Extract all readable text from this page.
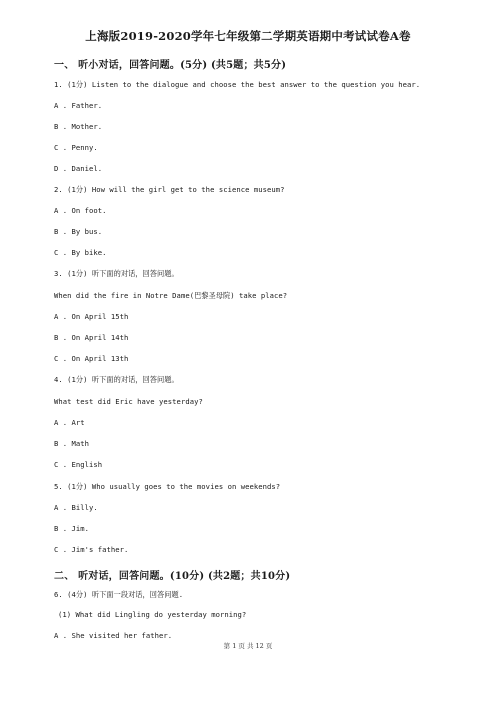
上海版2019-2020学年七年级第二学期英语期中考试试卷A卷
一、 听小对话，回答问题。(5分) (共5题；共5分)
1. (1分) Listen to the dialogue and choose the best answer to the question you hear.
A . Father.
B . Mother.
C . Penny.
D . Daniel.
2. (1分) How will the girl get to the science museum?
A . On foot.
B . By bus.
C . By bike.
3. (1分) 听下面的对话，回答问题。
When did the fire in Notre Dame(巴黎圣母院) take place?
A . On April 15th
B . On April 14th
C . On April 13th
4. (1分) 听下面的对话，回答问题。
What test did Eric have yesterday?
A . Art
B . Math
C . English
5. (1分) Who usually goes to the movies on weekends?
A . Billy.
B . Jim.
C . Jim's father.
二、 听对话，回答问题。(10分) (共2题；共10分)
6. (4分) 听下面一段对话，回答问题.
(1) What did Lingling do yesterday morning?
A . She visited her father.
第 1 页 共 12 页
